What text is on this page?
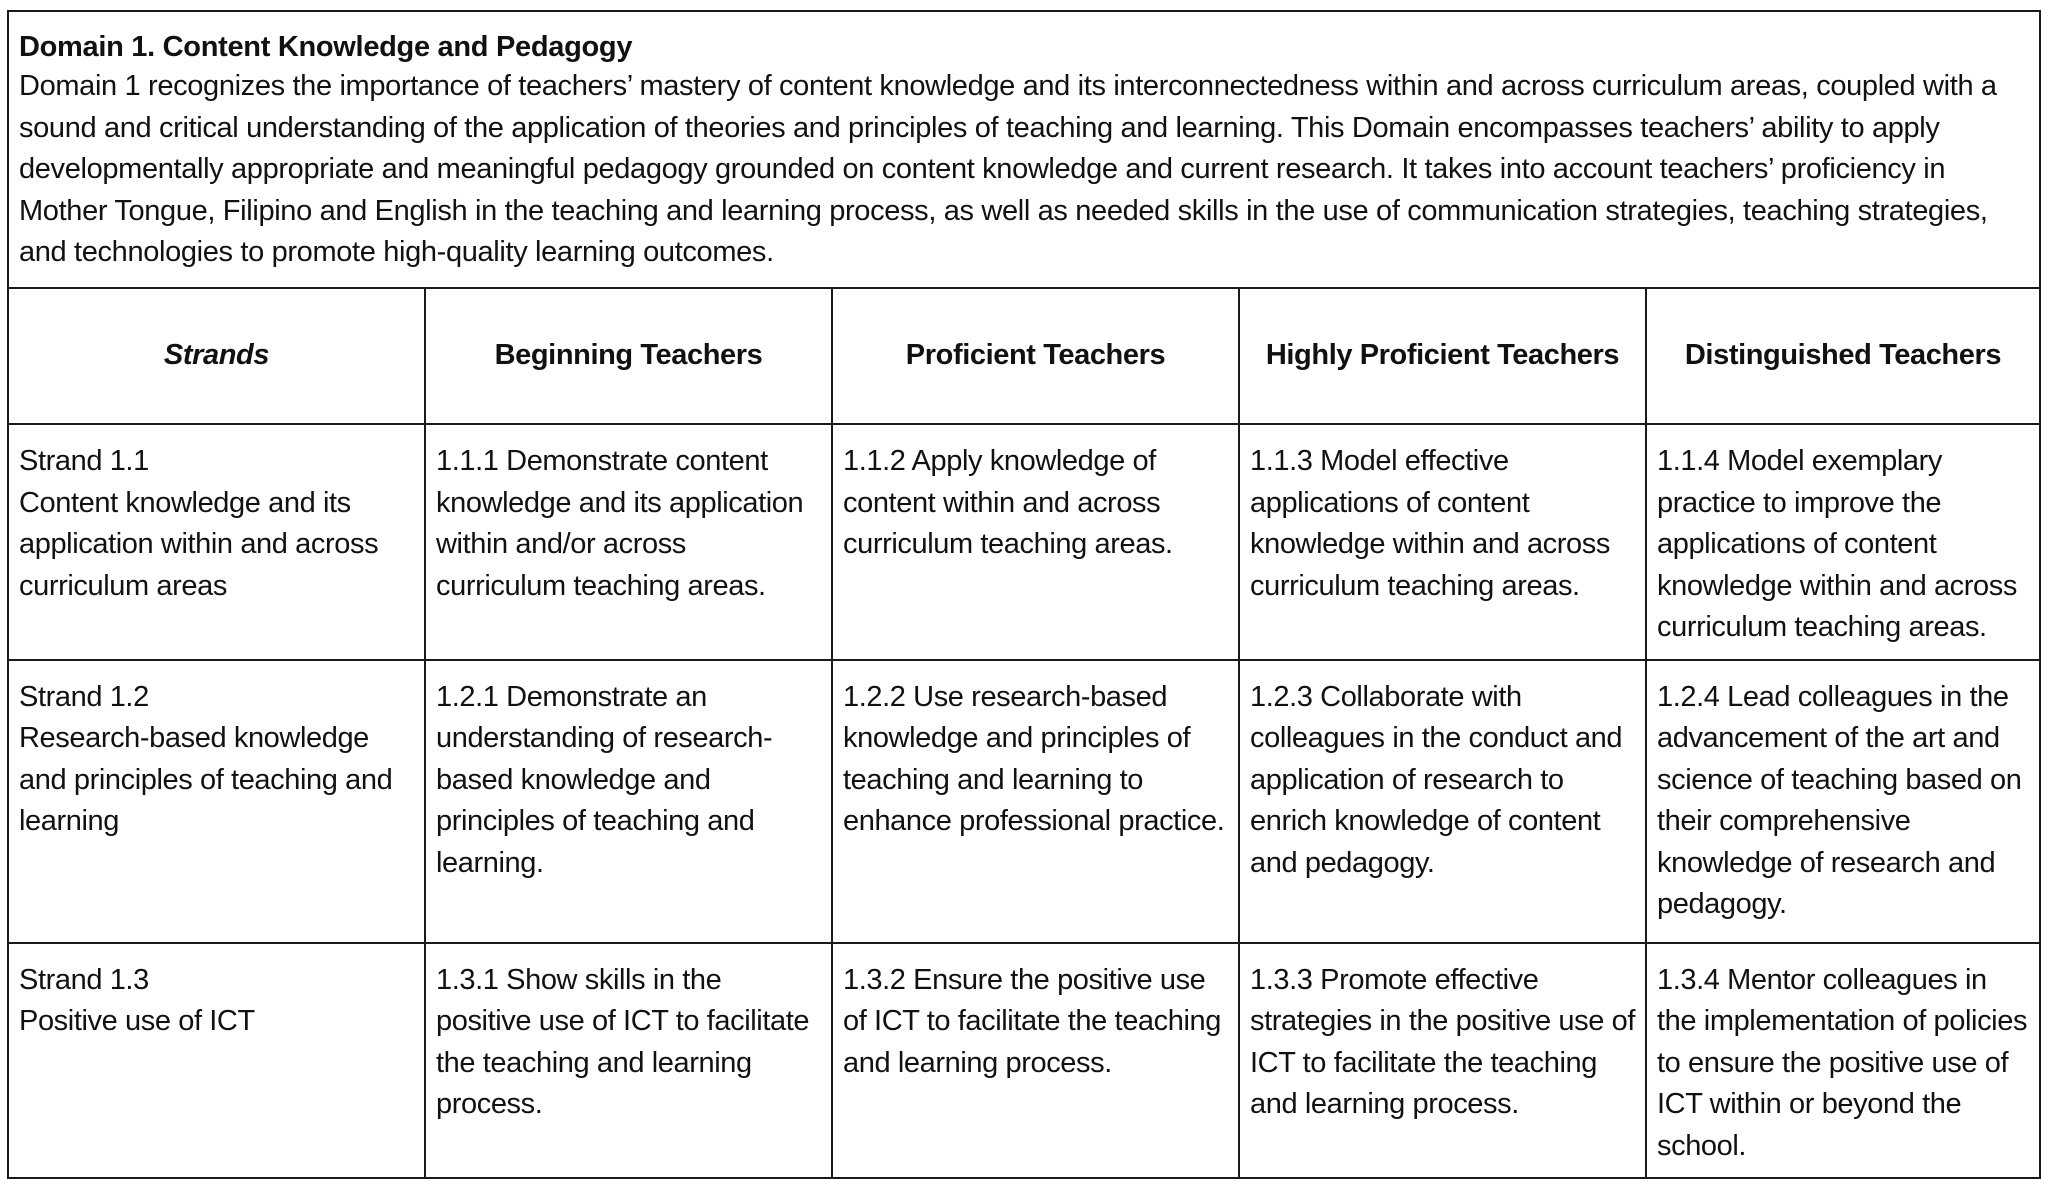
Domain 1. Content Knowledge and Pedagogy
Domain 1 recognizes the importance of teachers’ mastery of content knowledge and its interconnectedness within and across curriculum areas, coupled with a sound and critical understanding of the application of theories and principles of teaching and learning. This Domain encompasses teachers’ ability to apply developmentally appropriate and meaningful pedagogy grounded on content knowledge and current research. It takes into account teachers’ proficiency in Mother Tongue, Filipino and English in the teaching and learning process, as well as needed skills in the use of communication strategies, teaching strategies, and technologies to promote high-quality learning outcomes.
Strands	Beginning Teachers	Proficient Teachers	Highly Proficient Teachers	Distinguished Teachers

Strand 1.1
Content knowledge and its application within and across curriculum areas	1.1.1 Demonstrate content knowledge and its application within and/or across curriculum teaching areas.	1.1.2 Apply knowledge of content within and across curriculum teaching areas.	1.1.3 Model effective applications of content knowledge within and across curriculum teaching areas.	1.1.4 Model exemplary practice to improve the applications of content knowledge within and across curriculum teaching areas.

Strand 1.2
Research-based knowledge and principles of teaching and learning	1.2.1 Demonstrate an understanding of research-based knowledge and principles of teaching and learning.	1.2.2 Use research-based knowledge and principles of teaching and learning to enhance professional practice.	1.2.3 Collaborate with colleagues in the conduct and application of research to enrich knowledge of content and pedagogy.	1.2.4 Lead colleagues in the advancement of the art and science of teaching based on their comprehensive knowledge of research and pedagogy.

Strand 1.3
Positive use of ICT	1.3.1 Show skills in the positive use of ICT to facilitate the teaching and learning process.	1.3.2 Ensure the positive use of ICT to facilitate the teaching and learning process.	1.3.3 Promote effective strategies in the positive use of ICT to facilitate the teaching and learning process.	1.3.4 Mentor colleagues in the implementation of policies to ensure the positive use of ICT within or beyond the school.
